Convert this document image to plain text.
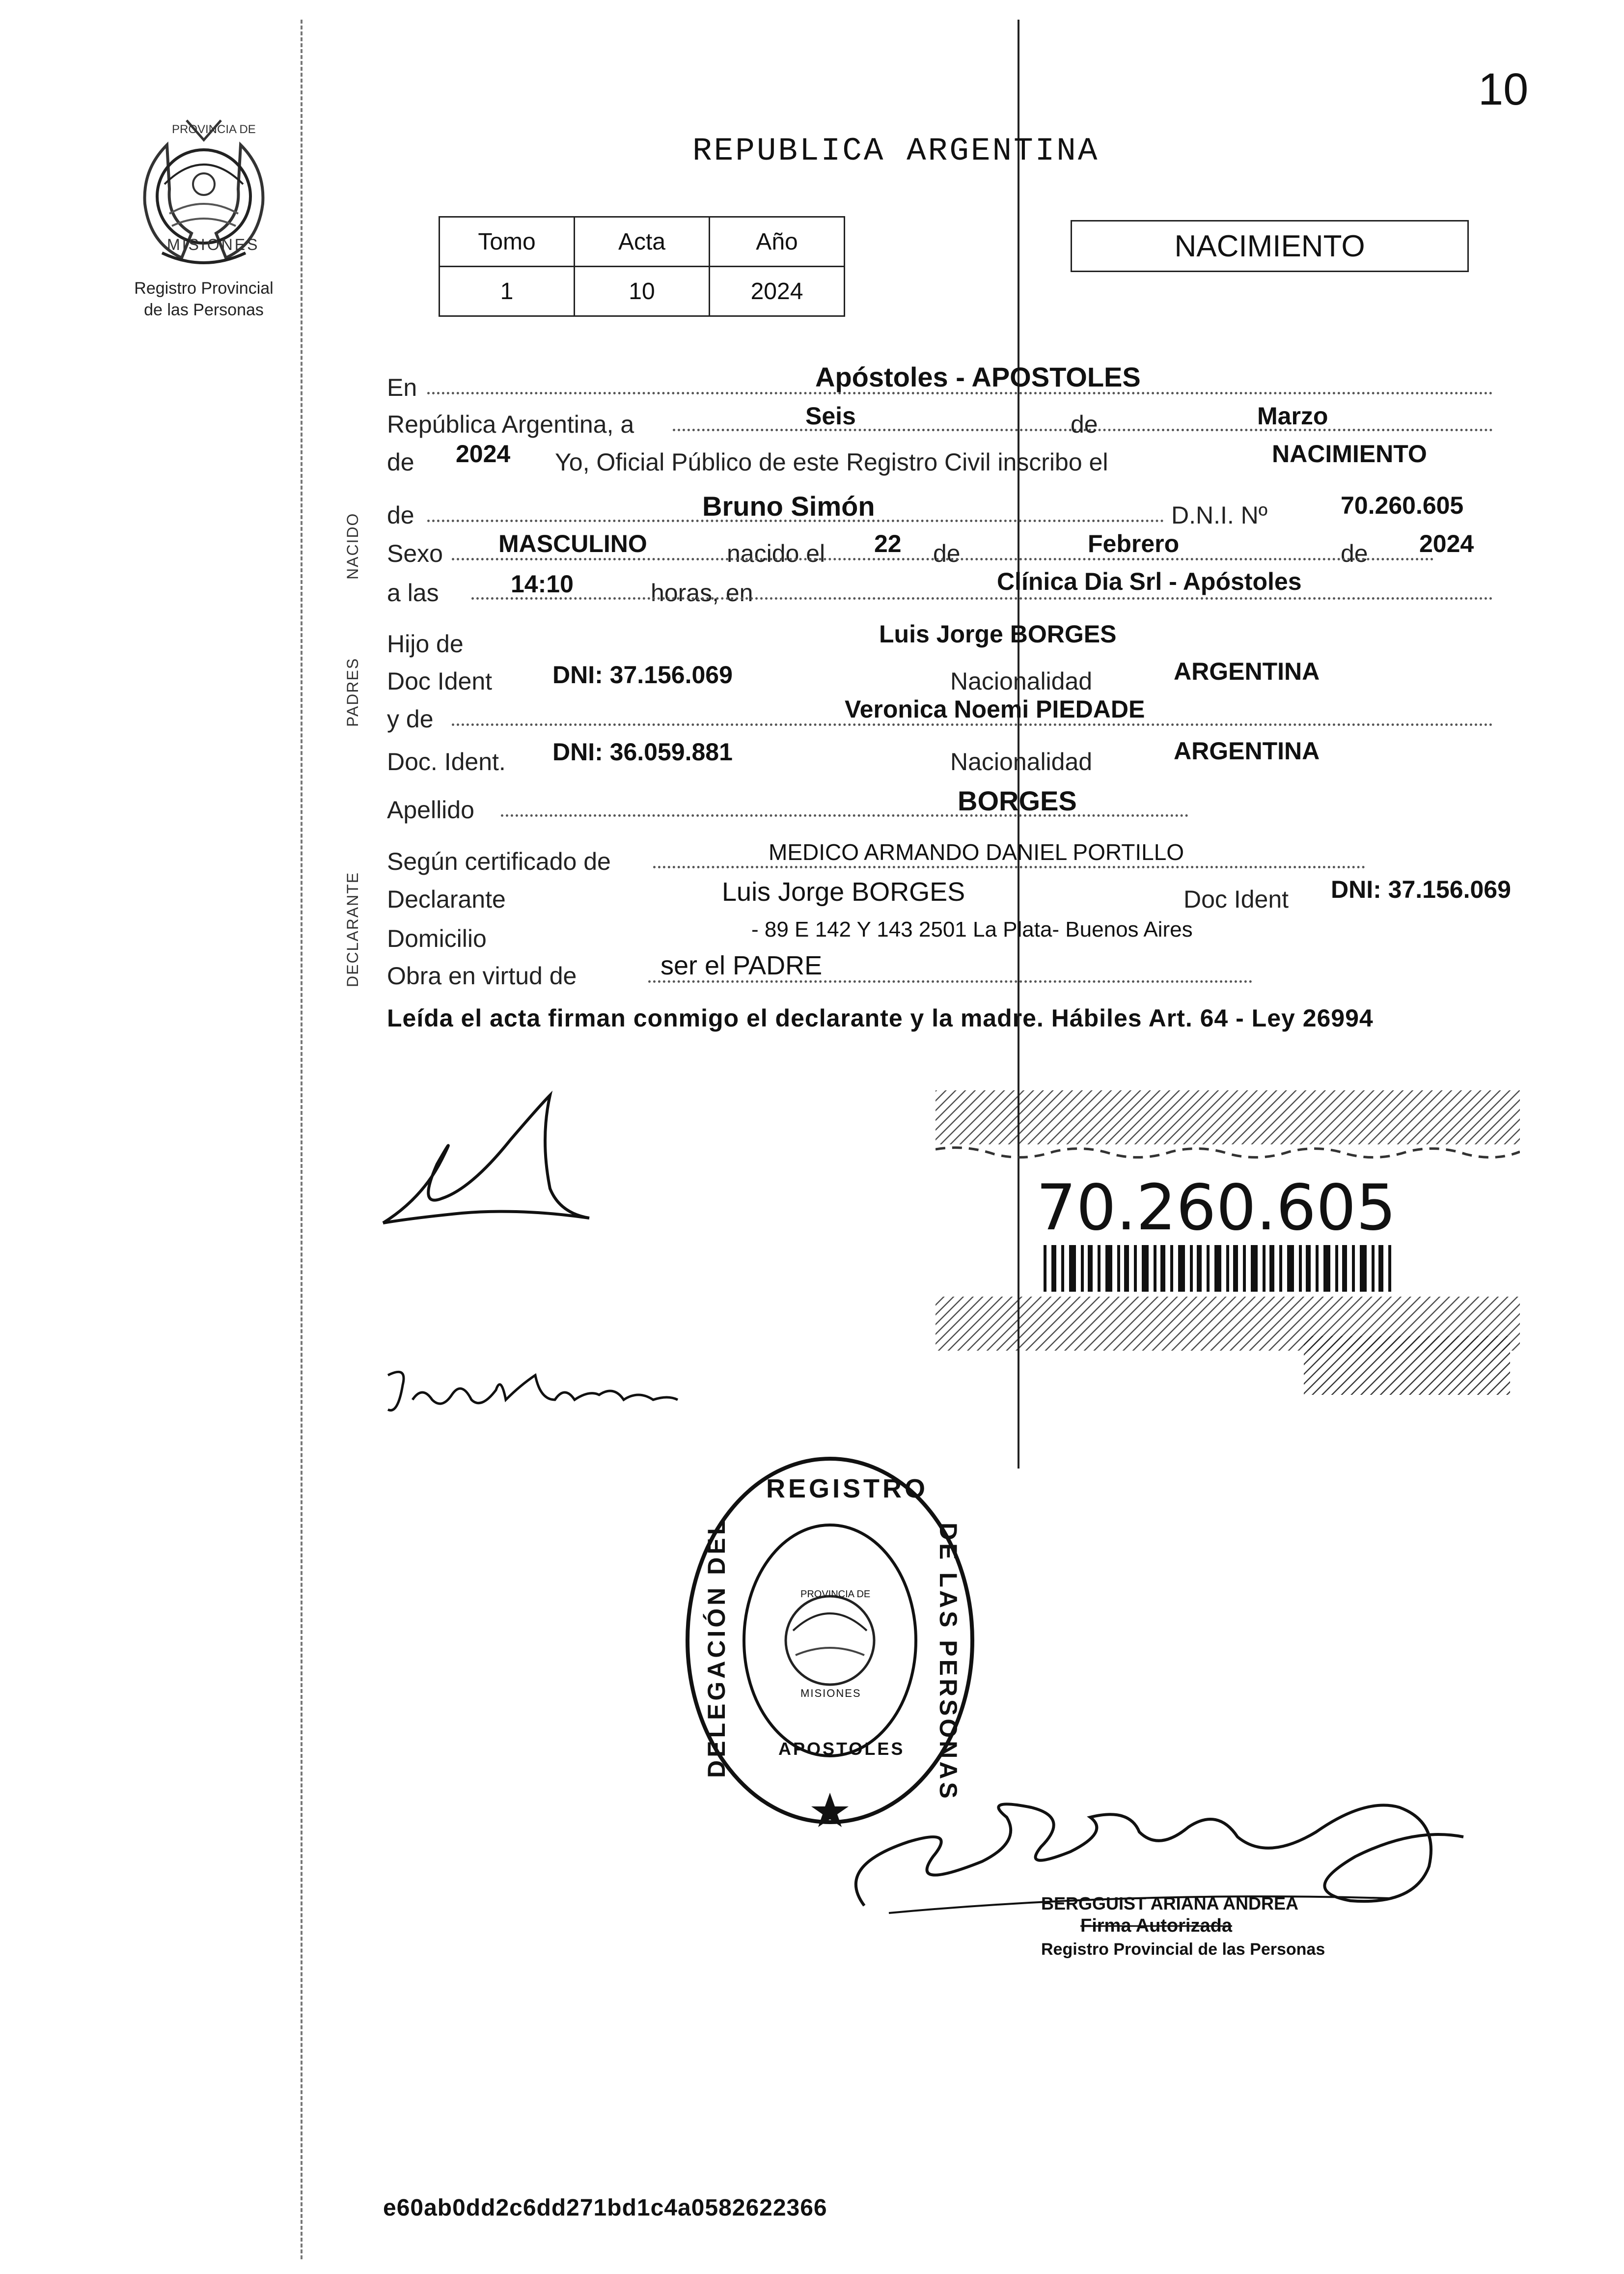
10
PROVINCIA DE
MISIONES
Registro Provincial
de las Personas
REPUBLICA ARGENTINA
Tomo	Acta	Año
1	10	2024
NACIMIENTO
NACIDO
PADRES
DECLARANTE
En	Apóstoles - APOSTOLES
República Argentina, a	Seis	de	Marzo
de 2024 Yo, Oficial Público de este Registro Civil inscribo el	NACIMIENTO
de	Bruno Simón	D.N.I. Nº	70.260.605
Sexo MASCULINO	nacido el 22 de	Febrero	de 2024
a las	14:10	horas, en	Clínica Dia Srl - Apóstoles
Hijo de	Luis Jorge BORGES
Doc Ident DNI: 37.156.069	Nacionalidad	ARGENTINA
y de	Veronica Noemi PIEDADE
Doc. Ident. DNI: 36.059.881	Nacionalidad	ARGENTINA
Apellido	BORGES
Según certificado de	MEDICO ARMANDO DANIEL PORTILLO
Declarante	Luis Jorge BORGES	Doc Ident DNI: 37.156.069
Domicilio	- 89 E 142 Y 143 2501 La Plata- Buenos Aires
Obra en virtud de	ser el PADRE
Leída el acta firman conmigo el declarante y la madre. Hábiles Art. 64 - Ley 26994
70.260.605
REGISTRO
DELEGACIÓN DEL	DE LAS PERSONAS
APOSTOLES
PROVINCIA DE
MISIONES
BERGGUIST ARIANA ANDREA
Firma Autorizada
Registro Provincial de las Personas
e60ab0dd2c6dd271bd1c4a0582622366
